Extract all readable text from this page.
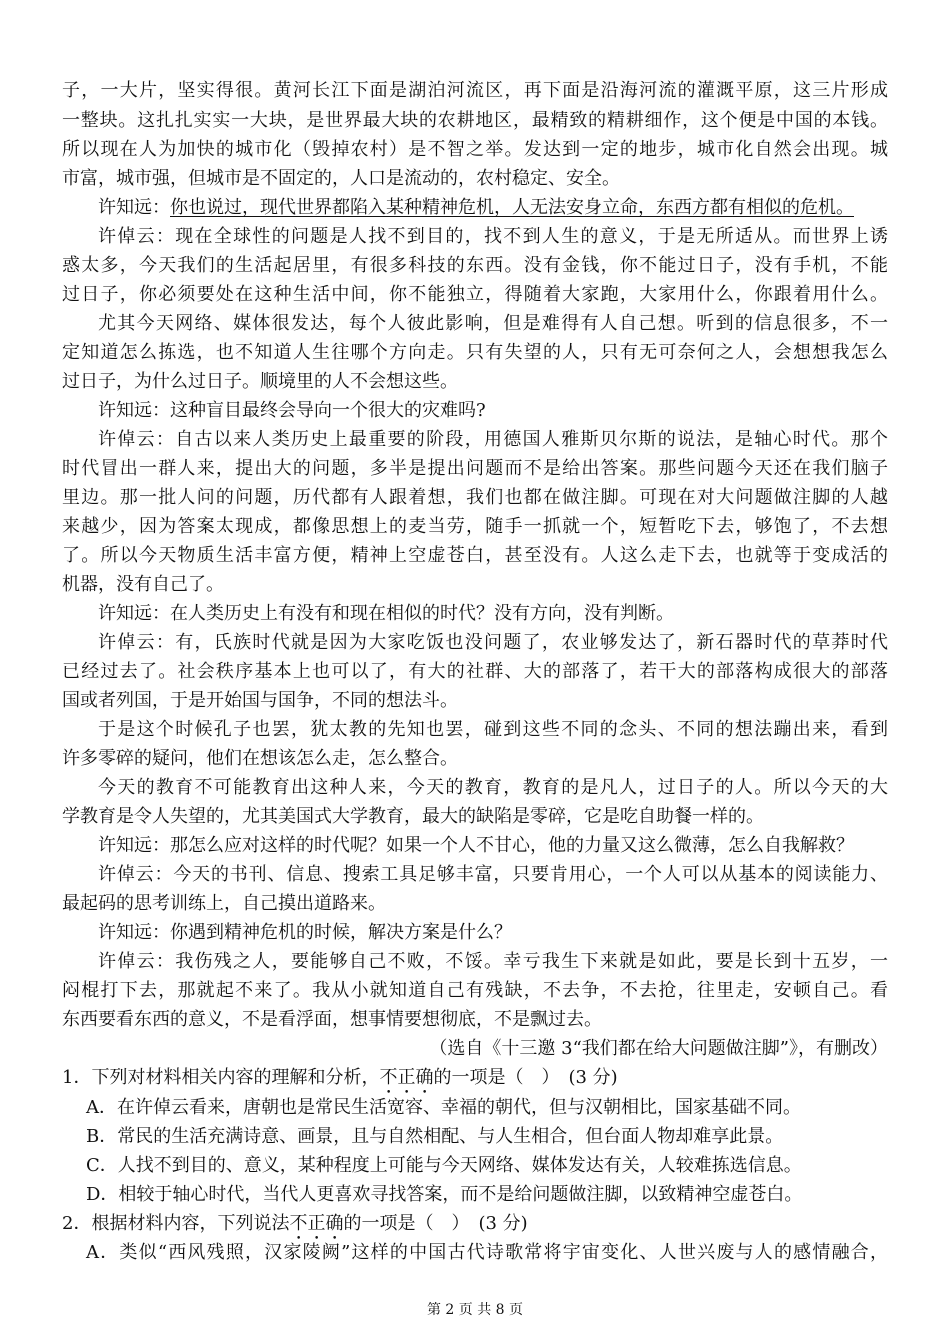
子，一大片，坚实得很。黄河长江下面是湖泊河流区，再下面是沿海河流的灌溉平原，这三片形成
一整块。这扎扎实实一大块，是世界最大块的农耕地区，最精致的精耕细作，这个便是中国的本钱。
所以现在人为加快的城市化（毁掉农村）是不智之举。发达到一定的地步，城市化自然会出现。城
市富，城市强，但城市是不固定的，人口是流动的，农村稳定、安全。
许知远：你也说过，现代世界都陷入某种精神危机，人无法安身立命，东西方都有相似的危机。
许倬云：现在全球性的问题是人找不到目的，找不到人生的意义，于是无所适从。而世界上诱
惑太多，今天我们的生活起居里，有很多科技的东西。没有金钱，你不能过日子，没有手机，不能
过日子，你必须要处在这种生活中间，你不能独立，得随着大家跑，大家用什么，你跟着用什么。
尤其今天网络、媒体很发达，每个人彼此影响，但是难得有人自己想。听到的信息很多，不一
定知道怎么拣选，也不知道人生往哪个方向走。只有失望的人，只有无可奈何之人，会想想我怎么
过日子，为什么过日子。顺境里的人不会想这些。
许知远：这种盲目最终会导向一个很大的灾难吗?
许倬云：自古以来人类历史上最重要的阶段，用德国人雅斯贝尔斯的说法，是轴心时代。那个
时代冒出一群人来，提出大的问题，多半是提出问题而不是给出答案。那些问题今天还在我们脑子
里边。那一批人问的问题，历代都有人跟着想，我们也都在做注脚。可现在对大问题做注脚的人越
来越少，因为答案太现成，都像思想上的麦当劳，随手一抓就一个，短暂吃下去，够饱了，不去想
了。所以今天物质生活丰富方便，精神上空虚苍白，甚至没有。人这么走下去，也就等于变成活的
机器，没有自己了。
许知远：在人类历史上有没有和现在相似的时代？没有方向，没有判断。
许倬云：有，氏族时代就是因为大家吃饭也没问题了，农业够发达了，新石器时代的草莽时代
已经过去了。社会秩序基本上也可以了，有大的社群、大的部落了，若干大的部落构成很大的部落
国或者列国，于是开始国与国争，不同的想法斗。
于是这个时候孔子也罢，犹太教的先知也罢，碰到这些不同的念头、不同的想法蹦出来，看到
许多零碎的疑问，他们在想该怎么走，怎么整合。
今天的教育不可能教育出这种人来，今天的教育，教育的是凡人，过日子的人。所以今天的大
学教育是令人失望的，尤其美国式大学教育，最大的缺陷是零碎，它是吃自助餐一样的。
许知远：那怎么应对这样的时代呢？如果一个人不甘心，他的力量又这么微薄，怎么自我解救？
许倬云：今天的书刊、信息、搜索工具足够丰富，只要肯用心，一个人可以从基本的阅读能力、
最起码的思考训练上，自己摸出道路来。
许知远：你遇到精神危机的时候，解决方案是什么？
许倬云：我伤残之人，要能够自己不败，不馁。幸亏我生下来就是如此，要是长到十五岁，一
闷棍打下去，那就起不来了。我从小就知道自己有残缺，不去争，不去抢，往里走，安顿自己。看
东西要看东西的意义，不是看浮面，想事情要想彻底，不是飘过去。
（选自《十三邀 3“我们都在给大问题做注脚”》，有删改）
1．下列对材料相关内容的理解和分析，不正确的一项是（　）　(3 分)
A．在许倬云看来，唐朝也是常民生活宽容、幸福的朝代，但与汉朝相比，国家基础不同。
B．常民的生活充满诗意、画景，且与自然相配、与人生相合，但台面人物却难享此景。
C．人找不到目的、意义，某种程度上可能与今天网络、媒体发达有关，人较难拣选信息。
D．相较于轴心时代，当代人更喜欢寻找答案，而不是给问题做注脚，以致精神空虚苍白。
2．根据材料内容，下列说法不正确的一项是（　）　(3 分)
A．类似“西风残照，汉家陵阙”这样的中国古代诗歌常将宇宙变化、人世兴废与人的感情融合，
第 2 页 共 8 页
